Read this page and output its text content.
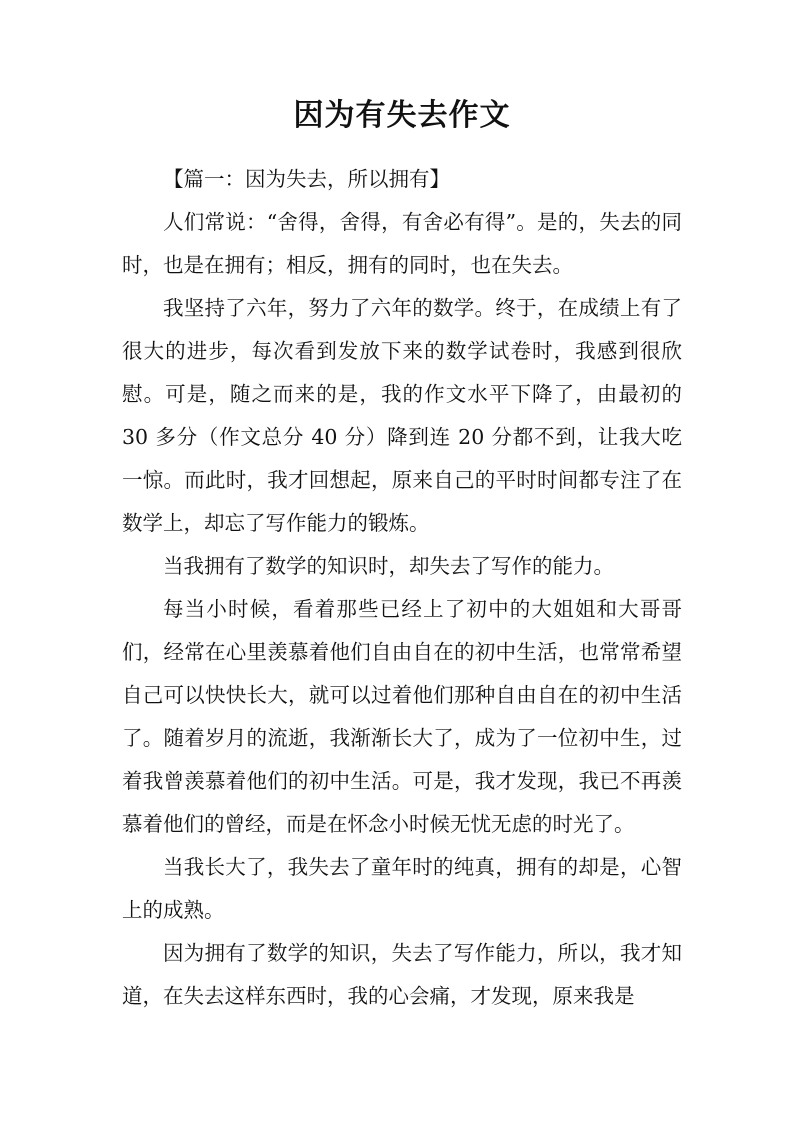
因为有失去作文

【篇一：因为失去，所以拥有】

人们常说：“舍得，舍得，有舍必有得”。是的，失去的同时，也是在拥有；相反，拥有的同时，也在失去。

我坚持了六年，努力了六年的数学。终于，在成绩上有了很大的进步，每次看到发放下来的数学试卷时，我感到很欣慰。可是，随之而来的是，我的作文水平下降了，由最初的 30 多分（作文总分 40 分）降到连 20 分都不到，让我大吃一惊。而此时，我才回想起，原来自己的平时时间都专注了在数学上，却忘了写作能力的锻炼。

当我拥有了数学的知识时，却失去了写作的能力。

每当小时候，看着那些已经上了初中的大姐姐和大哥哥们，经常在心里羡慕着他们自由自在的初中生活，也常常希望自己可以快快长大，就可以过着他们那种自由自在的初中生活了。随着岁月的流逝，我渐渐长大了，成为了一位初中生，过着我曾羡慕着他们的初中生活。可是，我才发现，我已不再羡慕着他们的曾经，而是在怀念小时候无忧无虑的时光了。

当我长大了，我失去了童年时的纯真，拥有的却是，心智上的成熟。

因为拥有了数学的知识，失去了写作能力，所以，我才知道，在失去这样东西时，我的心会痛，才发现，原来我是
